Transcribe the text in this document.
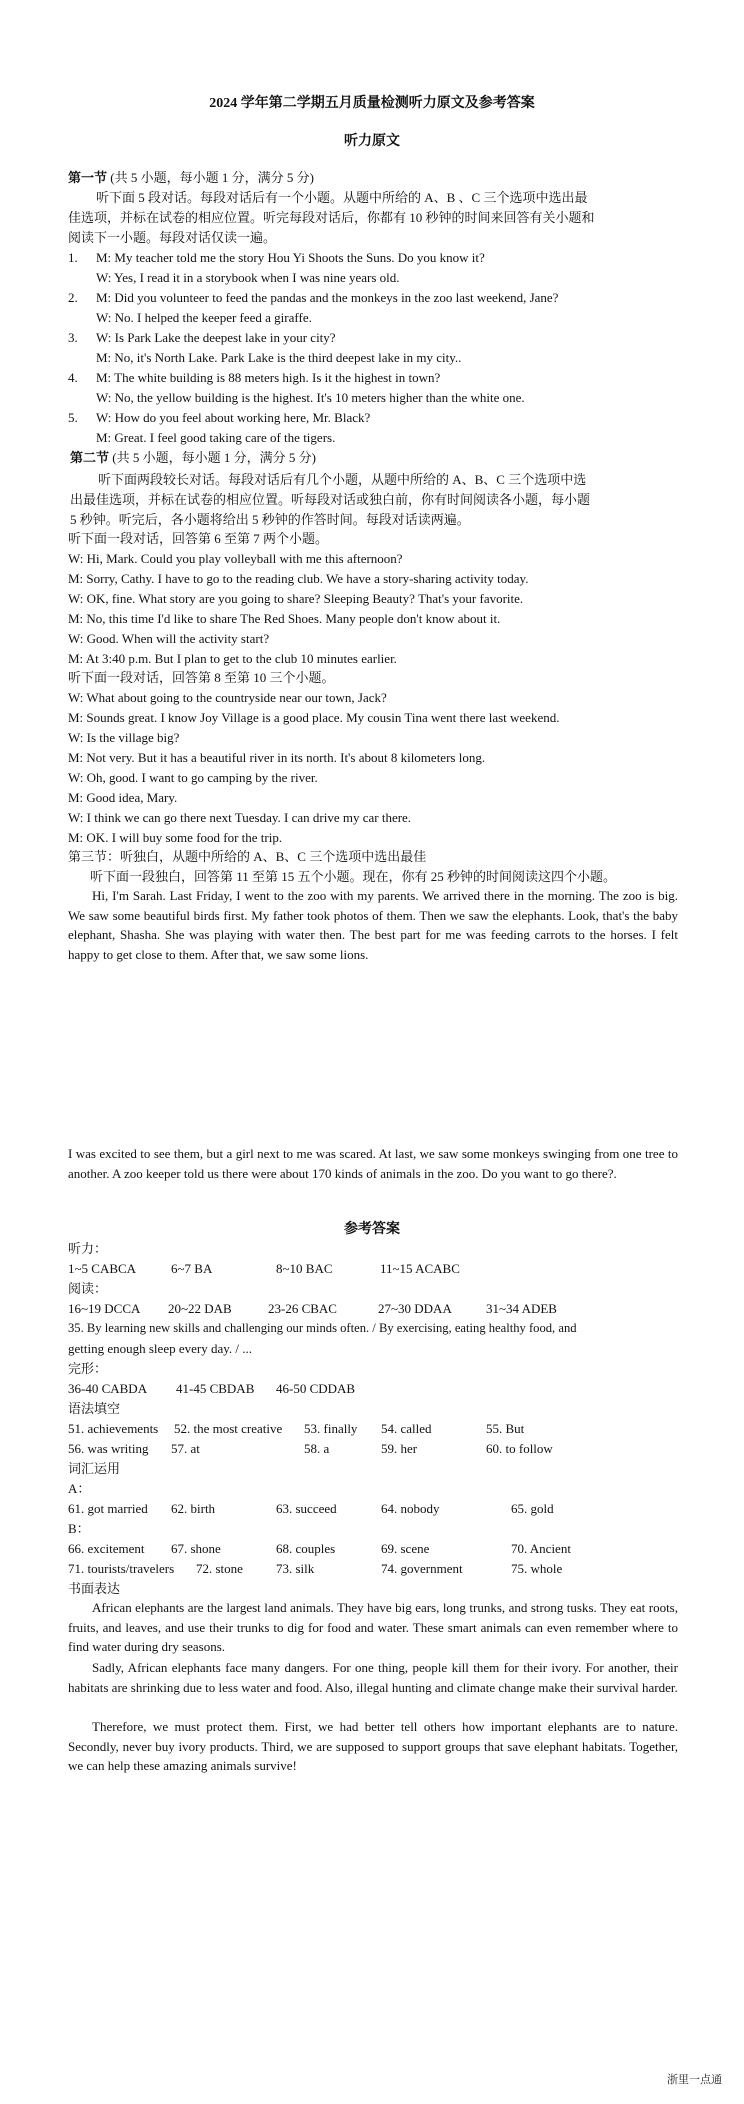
2024 学年第二学期五月质量检测听力原文及参考答案
听力原文
第一节 (共 5 小题，每小题 1 分，满分 5 分)
听下面 5 段对话。每段对话后有一个小题。从题中所给的 A、B 、C 三个选项中选出最
佳选项，并标在试卷的相应位置。听完每段对话后，你都有 10 秒钟的时间来回答有关小题和
阅读下一小题。每段对话仅读一遍。
1. M: My teacher told me the story Hou Yi Shoots the Suns. Do you know it?
W: Yes, I read it in a storybook when I was nine years old.
2. M: Did you volunteer to feed the pandas and the monkeys in the zoo last weekend, Jane?
W: No. I helped the keeper feed a giraffe.
3. W: Is Park Lake the deepest lake in your city?
M: No, it's North Lake. Park Lake is the third deepest lake in my city..
4. M: The white building is 88 meters high. Is it the highest in town?
W: No, the yellow building is the highest. It's 10 meters higher than the white one.
5. W: How do you feel about working here, Mr. Black?
M: Great. I feel good taking care of the tigers.
第二节 (共 5 小题，每小题 1 分，满分 5 分)
听下面两段较长对话。每段对话后有几个小题，从题中所给的 A、B、C 三个选项中选
出最佳选项，并标在试卷的相应位置。听每段对话或独白前，你有时间阅读各小题，每小题
5 秒钟。听完后，各小题将给出 5 秒钟的作答时间。每段对话读两遍。
听下面一段对话，回答第 6 至第 7 两个小题。
W: Hi, Mark. Could you play volleyball with me this afternoon?
M: Sorry, Cathy. I have to go to the reading club. We have a story-sharing activity today.
W: OK, fine. What story are you going to share? Sleeping Beauty? That's your favorite.
M: No, this time I'd like to share The Red Shoes. Many people don't know about it.
W: Good. When will the activity start?
M: At 3:40 p.m. But I plan to get to the club 10 minutes earlier.
听下面一段对话，回答第 8 至第 10 三个小题。
W: What about going to the countryside near our town, Jack?
M: Sounds great. I know Joy Village is a good place. My cousin Tina went there last weekend.
W: Is the village big?
M: Not very. But it has a beautiful river in its north. It's about 8 kilometers long.
W: Oh, good. I want to go camping by the river.
M: Good idea, Mary.
W: I think we can go there next Tuesday. I can drive my car there.
M: OK. I will buy some food for the trip.
第三节：听独白，从题中所给的 A、B、C 三个选项中选出最佳
听下面一段独白，回答第 11 至第 15 五个小题。现在，你有 25 秒钟的时间阅读这四个小题。
Hi, I'm Sarah. Last Friday, I went to the zoo with my parents. We arrived there in the morning. The zoo is big. We saw some beautiful birds first. My father took photos of them. Then we saw the elephants. Look, that's the baby elephant, Shasha. She was playing with water then. The best part for me was feeding carrots to the horses. I felt happy to get close to them. After that, we saw some lions.
I was excited to see them, but a girl next to me was scared. At last, we saw some monkeys swinging from one tree to another. A zoo keeper told us there were about 170 kinds of animals in the zoo. Do you want to go there?.
参考答案
听力：
1~5 CABCA	6~7 BA	8~10 BAC	11~15 ACABC
阅读：
16~19 DCCA 20~22 DAB	23-26 CBAC	27~30 DDAA	31~34 ADEB
35. By learning new skills and challenging our minds often. / By exercising, eating healthy food, and
getting enough sleep every day. / ...
完形：
36-40 CABDA 41-45 CBDAB 46-50 CDDAB
语法填空
51. achievements 52. the most creative 53. finally 54. called	55. But
56. was writing 57. at	58. a	59. her	60. to follow
词汇运用
A：
61. got married 62. birth	63. succeed	64. nobody	65. gold
B：
66. excitement 67. shone	68. couples	69. scene	70. Ancient
71. tourists/travelers 72. stone	73. silk	74. government	75. whole
书面表达
African elephants are the largest land animals. They have big ears, long trunks, and strong tusks. They eat roots, fruits, and leaves, and use their trunks to dig for food and water. These smart animals can even remember where to find water during dry seasons.
Sadly, African elephants face many dangers. For one thing, people kill them for their ivory. For another, their habitats are shrinking due to less water and food. Also, illegal hunting and climate change make their survival harder.
Therefore, we must protect them. First, we had better tell others how important elephants are to nature. Secondly, never buy ivory products. Third, we are supposed to support groups that save elephant habitats. Together, we can help these amazing animals survive!
浙里一点通
